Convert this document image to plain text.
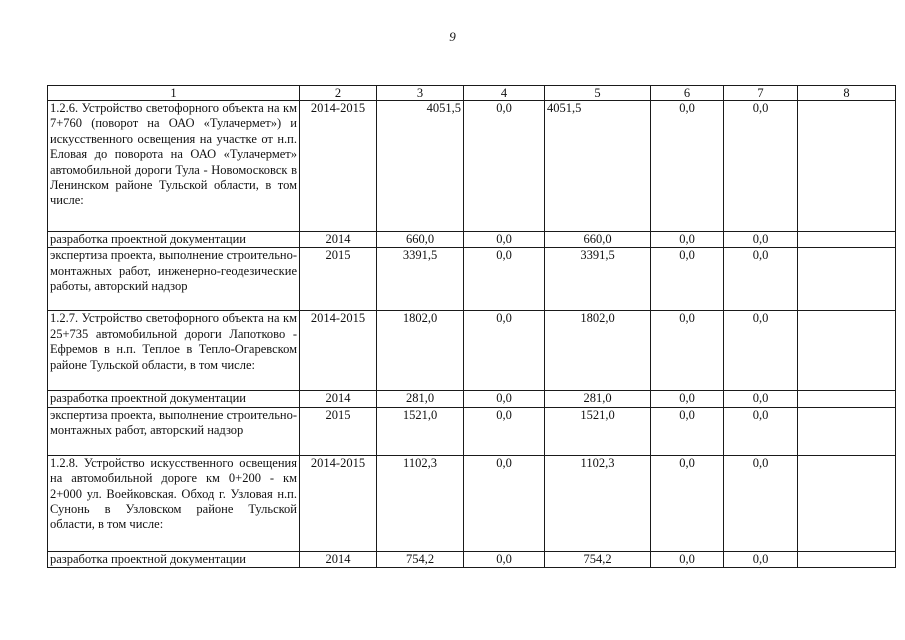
9
1	2	3	4	5	6	7	8
1.2.6. Устройство светофорного объекта на км 7+760 (поворот на ОАО «Тулачермет») и искусственного освещения на участке от н.п. Еловая до поворота на ОАО «Тулачермет» автомобильной дороги Тула - Новомосковск в Ленинском районе Тульской области, в том числе:	2014-2015	4051,5	0,0	4051,5	0,0	0,0	
разработка проектной документации	2014	660,0	0,0	660,0	0,0	0,0	
экспертиза проекта, выполнение строительно-монтажных работ, инженерно-геодезические работы, авторский надзор	2015	3391,5	0,0	3391,5	0,0	0,0	
1.2.7. Устройство светофорного объекта на км 25+735 автомобильной дороги Лапотково - Ефремов в н.п. Теплое в Тепло-Огаревском районе Тульской области, в том числе:	2014-2015	1802,0	0,0	1802,0	0,0	0,0	
разработка проектной документации	2014	281,0	0,0	281,0	0,0	0,0	
экспертиза проекта, выполнение строительно-монтажных работ, авторский надзор	2015	1521,0	0,0	1521,0	0,0	0,0	
1.2.8. Устройство искусственного освещения на автомобильной дороге км 0+200 - км 2+000 ул. Воейковская. Обход г. Узловая н.п. Сунонь в Узловском районе Тульской области, в том числе:	2014-2015	1102,3	0,0	1102,3	0,0	0,0	
разработка проектной документации	2014	754,2	0,0	754,2	0,0	0,0	
